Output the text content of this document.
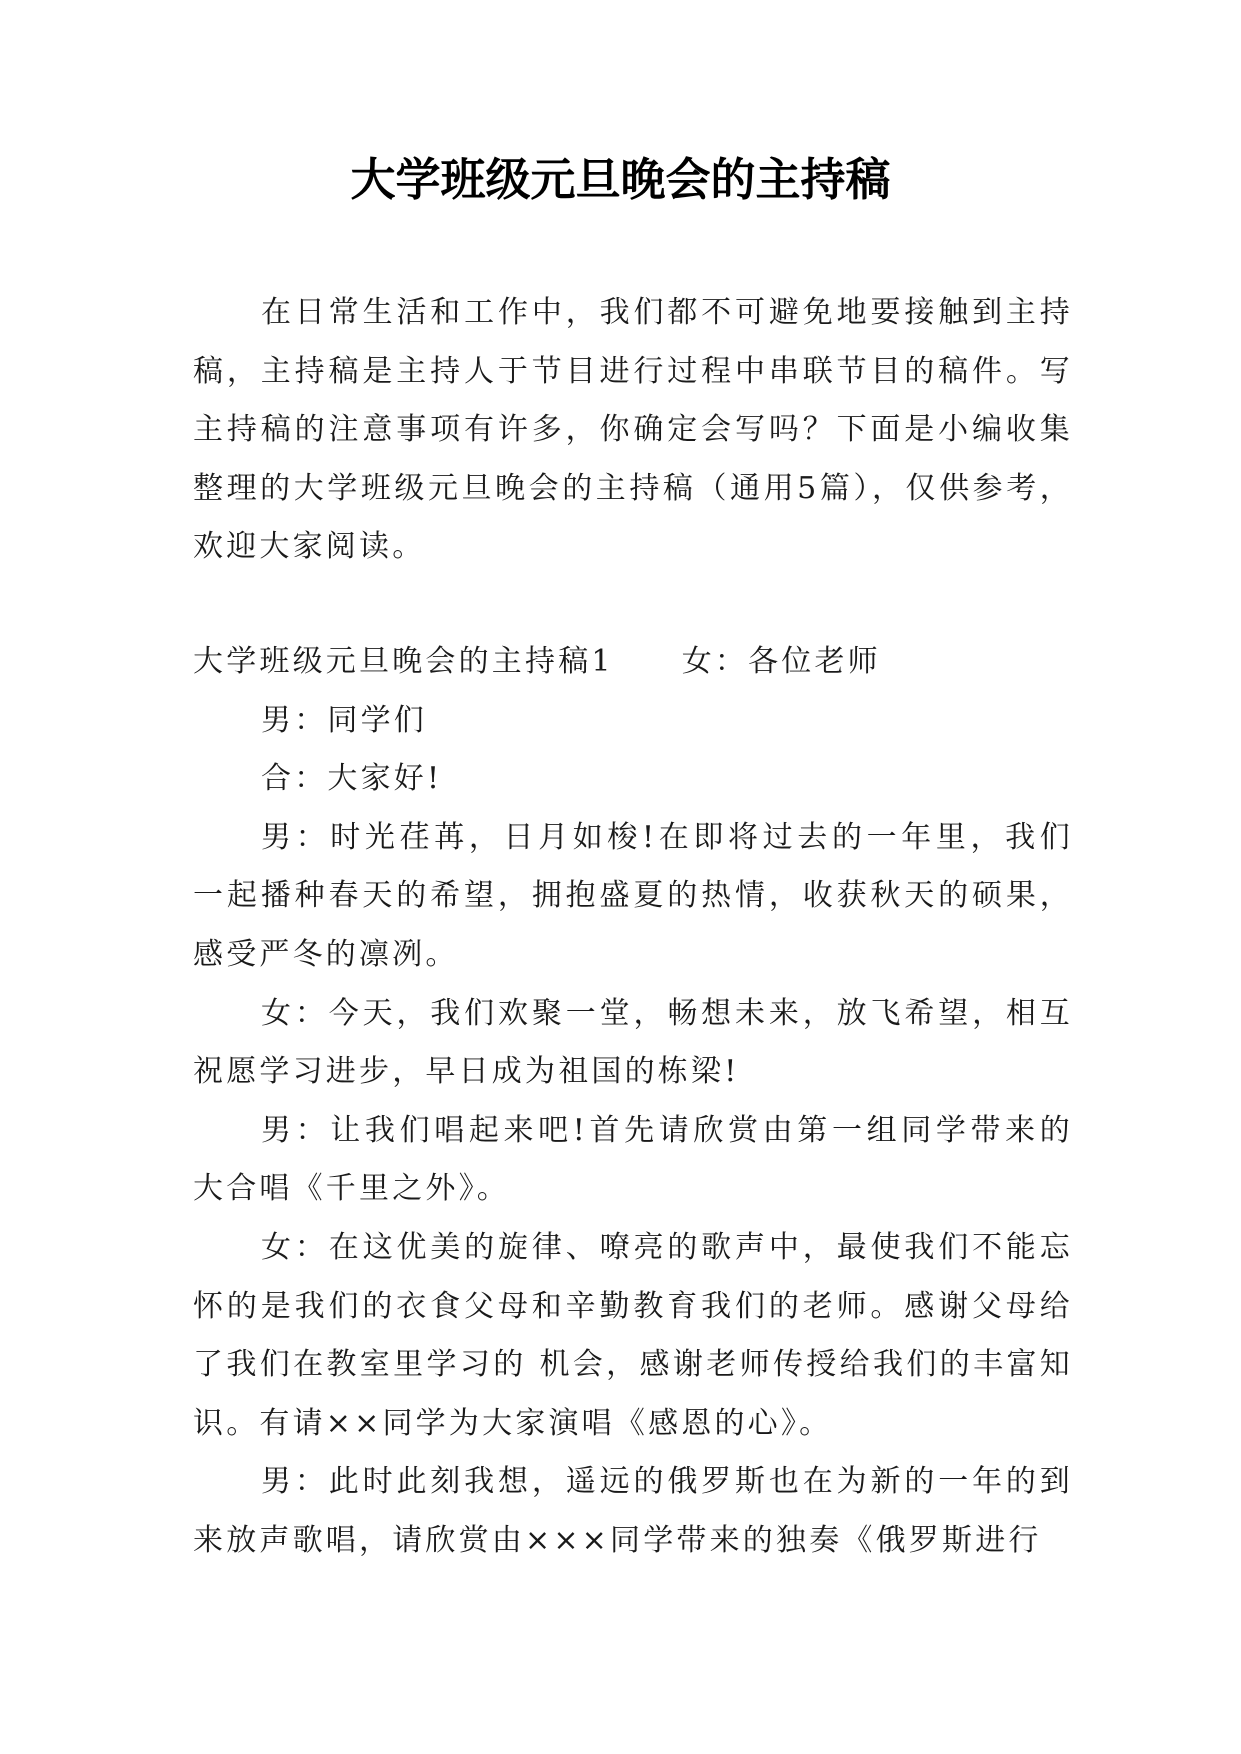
大学班级元旦晚会的主持稿

在日常生活和工作中，我们都不可避免地要接触到主持稿，主持稿是主持人于节目进行过程中串联节目的稿件。写主持稿的注意事项有许多，你确定会写吗？下面是小编收集整理的大学班级元旦晚会的主持稿（通用5篇），仅供参考，欢迎大家阅读。

大学班级元旦晚会的主持稿1 女：各位老师

男：同学们

合：大家好!

男：时光荏苒，日月如梭!在即将过去的一年里，我们一起播种春天的希望，拥抱盛夏的热情，收获秋天的硕果，感受严冬的凛冽。

女：今天，我们欢聚一堂，畅想未来，放飞希望，相互祝愿学习进步，早日成为祖国的栋梁!

男：让我们唱起来吧!首先请欣赏由第一组同学带来的大合唱《千里之外》。

女：在这优美的旋律、嘹亮的歌声中，最使我们不能忘怀的是我们的衣食父母和辛勤教育我们的老师。感谢父母给了我们在教室里学习的 机会，感谢老师传授给我们的丰富知识。有请××同学为大家演唱《感恩的心》。

男：此时此刻我想，遥远的俄罗斯也在为新的一年的到来放声歌唱，请欣赏由×××同学带来的独奏《俄罗斯进行
